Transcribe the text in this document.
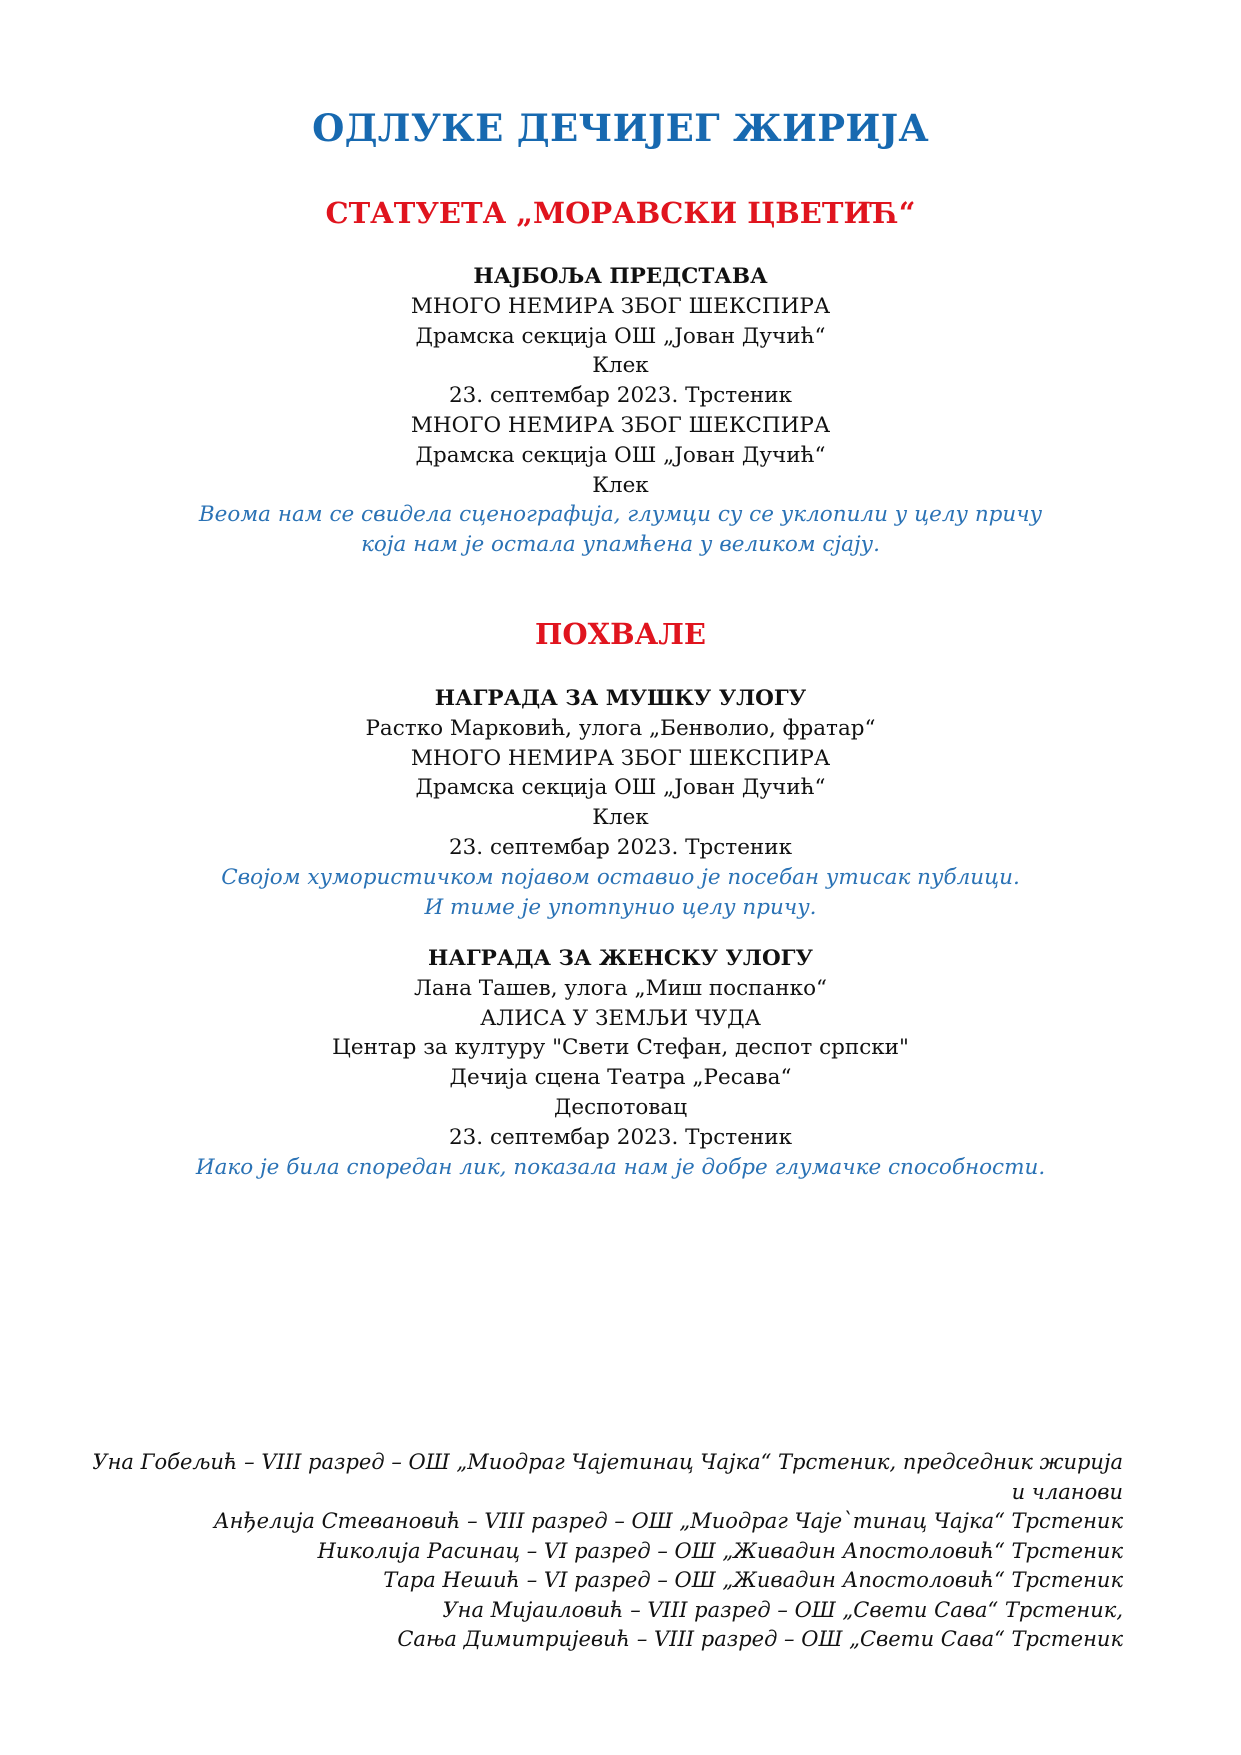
ОДЛУКЕ ДЕЧИЈЕГ ЖИРИЈА
СТАТУЕТА „МОРАВСКИ ЦВЕТИЋ“
НАЈБОЉА ПРЕДСТАВА
МНОГО НЕМИРА ЗБОГ ШЕКСПИРА
Драмска секција ОШ „Јован Дучић“
Клек
23. септембар 2023. Трстеник
МНОГО НЕМИРА ЗБОГ ШЕКСПИРА
Драмска секција ОШ „Јован Дучић“
Клек
Веома нам се свидела сценографија, глумци су се уклопили у целу причу
која нам је остала упамћена у великом сјају.
ПОХВАЛЕ
НАГРАДА ЗА МУШКУ УЛОГУ
Растко Марковић, улога „Бенволио, фратар“
МНОГО НЕМИРА ЗБОГ ШЕКСПИРА
Драмска секција ОШ „Јован Дучић“
Клек
23. септембар 2023. Трстеник
Својом хумористичком појавом оставио је посебан утисак публици.
И тиме је употпунио целу причу.
НАГРАДА ЗА ЖЕНСКУ УЛОГУ
Лана Ташев, улога „Миш поспанко“
АЛИСА У ЗЕМЉИ ЧУДА
Центар за културу "Свети Стефан, деспот српски"
Дечија сцена Театра „Ресава“
Деспотовац
23. септембар 2023. Трстеник
Иако је била споредан лик, показала нам је добре глумачке способности.
Уна Гобељић – VIII разред – ОШ „Миодраг Чајетинац Чајка“ Трстеник, председник жирија
и чланови
Анђелија Стевановић – VIII разред – ОШ „Миодраг Чаје`тинац Чајка“ Трстеник
Николија Расинац – VI разред – ОШ „Живадин Апостоловић“ Трстеник
Тара Нешић – VI разред – ОШ „Живадин Апостоловић“ Трстеник
Уна Мијаиловић – VIII разред – ОШ „Свети Сава“ Трстеник,
Сања Димитријевић – VIII разред – ОШ „Свети Сава“ Трстеник
